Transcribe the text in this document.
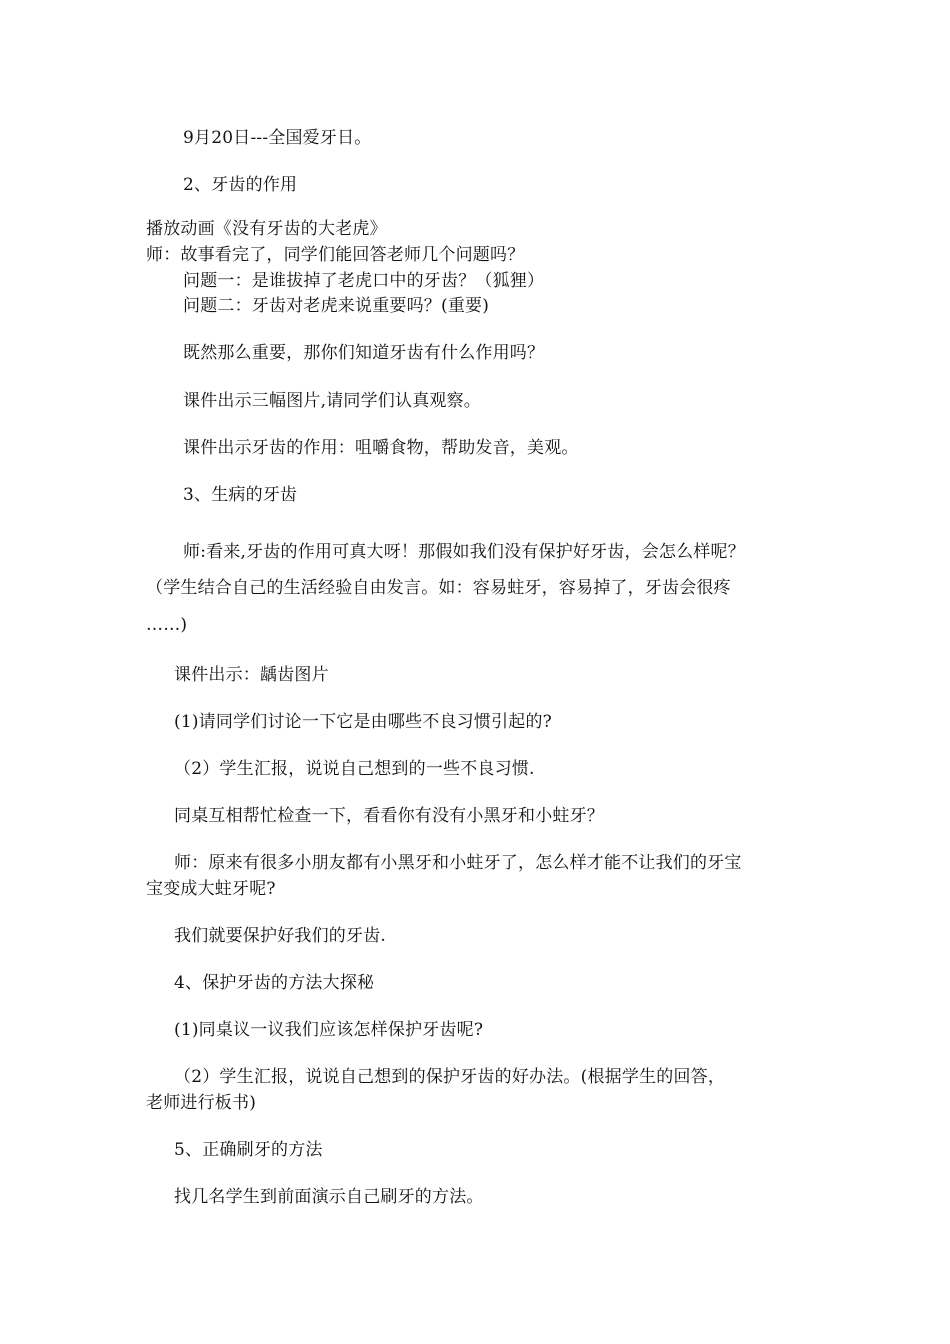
9月20日---全国爱牙日。
2、牙齿的作用
播放动画《没有牙齿的大老虎》
师：故事看完了，同学们能回答老师几个问题吗？
问题一：是谁拔掉了老虎口中的牙齿？（狐狸）
问题二：牙齿对老虎来说重要吗？(重要)
既然那么重要，那你们知道牙齿有什么作用吗？
课件出示三幅图片,请同学们认真观察。
课件出示牙齿的作用：咀嚼食物，帮助发音，美观。
3、生病的牙齿
师:看来,牙齿的作用可真大呀！那假如我们没有保护好牙齿，会怎么样呢？
（学生结合自己的生活经验自由发言。如：容易蛀牙，容易掉了，牙齿会很疼
……)
课件出示：龋齿图片
(1)请同学们讨论一下它是由哪些不良习惯引起的?
（2）学生汇报，说说自己想到的一些不良习惯.
同桌互相帮忙检查一下，看看你有没有小黑牙和小蛀牙？
师：原来有很多小朋友都有小黑牙和小蛀牙了，怎么样才能不让我们的牙宝
宝变成大蛀牙呢?
我们就要保护好我们的牙齿.
4、保护牙齿的方法大探秘
(1)同桌议一议我们应该怎样保护牙齿呢?
（2）学生汇报，说说自己想到的保护牙齿的好办法。(根据学生的回答，
老师进行板书)
5、正确刷牙的方法
找几名学生到前面演示自己刷牙的方法。
